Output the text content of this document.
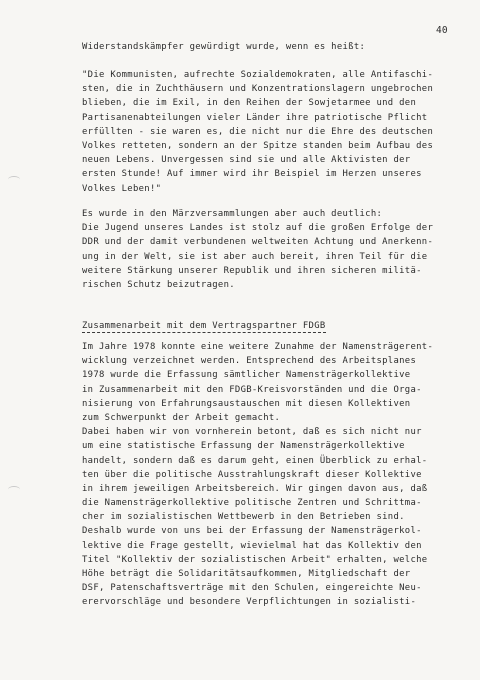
40
Widerstandskämpfer gewürdigt wurde, wenn es heißt:
"Die Kommunisten, aufrechte Sozialdemokraten, alle Antifaschi-
sten, die in Zuchthäusern und Konzentrationslagern ungebrochen
blieben, die im Exil, in den Reihen der Sowjetarmee und den
Partisanenabteilungen vieler Länder ihre patriotische Pflicht
erfüllten - sie waren es, die nicht nur die Ehre des deutschen
Volkes retteten, sondern an der Spitze standen beim Aufbau des
neuen Lebens. Unvergessen sind sie und alle Aktivisten der
ersten Stunde! Auf immer wird ihr Beispiel im Herzen unseres
Volkes Leben!"
Es wurde in den Märzversammlungen aber auch deutlich:
Die Jugend unseres Landes ist stolz auf die großen Erfolge der
DDR und der damit verbundenen weltweiten Achtung und Anerkenn-
ung in der Welt, sie ist aber auch bereit, ihren Teil für die
weitere Stärkung unserer Republik und ihren sicheren militä-
rischen Schutz beizutragen.
Zusammenarbeit mit dem Vertragspartner FDGB
Im Jahre 1978 konnte eine weitere Zunahme der Namensträgerent-
wicklung verzeichnet werden. Entsprechend des Arbeitsplanes
1978 wurde die Erfassung sämtlicher Namensträgerkollektive
in Zusammenarbeit mit den FDGB-Kreisvorständen und die Orga-
nisierung von Erfahrungsaustauschen mit diesen Kollektiven
zum Schwerpunkt der Arbeit gemacht.
Dabei haben wir von vornherein betont, daß es sich nicht nur
um eine statistische Erfassung der Namensträgerkollektive
handelt, sondern daß es darum geht, einen Überblick zu erhal-
ten über die politische Ausstrahlungskraft dieser Kollektive
in ihrem jeweiligen Arbeitsbereich. Wir gingen davon aus, daß
die Namensträgerkollektive politische Zentren und Schrittma-
cher im sozialistischen Wettbewerb in den Betrieben sind.
Deshalb wurde von uns bei der Erfassung der Namensträgerkol-
lektive die Frage gestellt, wievielmal hat das Kollektiv den
Titel "Kollektiv der sozialistischen Arbeit" erhalten, welche
Höhe beträgt die Solidaritätsaufkommen, Mitgliedschaft der
DSF, Patenschaftsverträge mit den Schulen, eingereichte Neu-
erervorschläge und besondere Verpflichtungen in sozialisti-
